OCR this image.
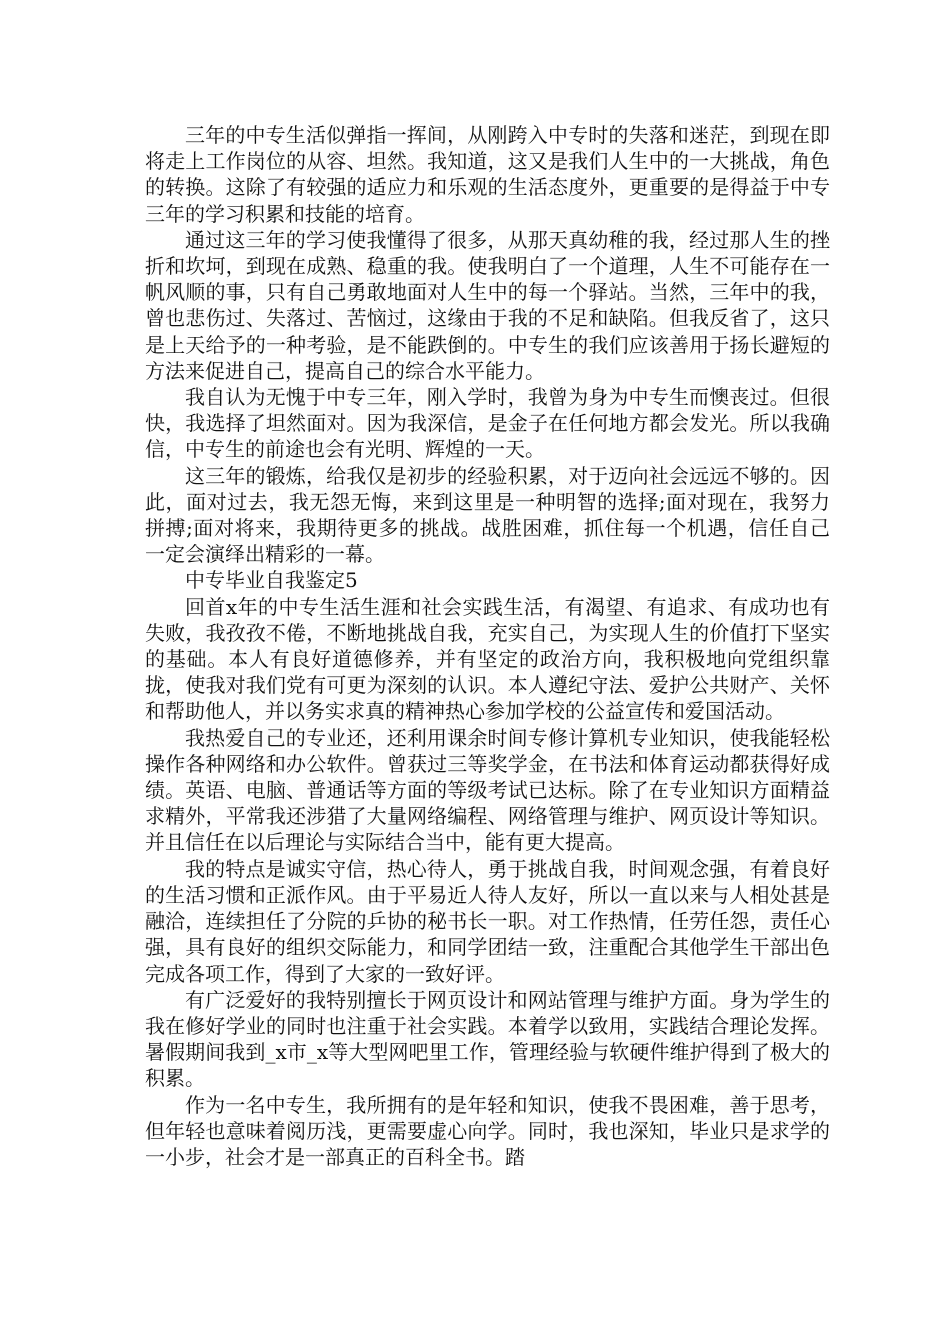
三年的中专生活似弹指一挥间，从刚跨入中专时的失落和迷茫，到现在即将走上工作岗位的从容、坦然。我知道，这又是我们人生中的一大挑战，角色的转换。这除了有较强的适应力和乐观的生活态度外，更重要的是得益于中专三年的学习积累和技能的培育。

通过这三年的学习使我懂得了很多，从那天真幼稚的我，经过那人生的挫折和坎坷，到现在成熟、稳重的我。使我明白了一个道理，人生不可能存在一帆风顺的事，只有自己勇敢地面对人生中的每一个驿站。当然，三年中的我，曾也悲伤过、失落过、苦恼过，这缘由于我的不足和缺陷。但我反省了，这只是上天给予的一种考验，是不能跌倒的。中专生的我们应该善用于扬长避短的方法来促进自己，提高自己的综合水平能力。

我自认为无愧于中专三年，刚入学时，我曾为身为中专生而懊丧过。但很快，我选择了坦然面对。因为我深信，是金子在任何地方都会发光。所以我确信，中专生的前途也会有光明、辉煌的一天。

这三年的锻炼，给我仅是初步的经验积累，对于迈向社会远远不够的。因此，面对过去，我无怨无悔，来到这里是一种明智的选择;面对现在，我努力拼搏;面对将来，我期待更多的挑战。战胜困难，抓住每一个机遇，信任自己一定会演绎出精彩的一幕。

中专毕业自我鉴定5

回首x年的中专生活生涯和社会实践生活，有渴望、有追求、有成功也有失败，我孜孜不倦，不断地挑战自我，充实自己，为实现人生的价值打下坚实的基础。本人有良好道德修养，并有坚定的政治方向，我积极地向党组织靠拢，使我对我们党有可更为深刻的认识。本人遵纪守法、爱护公共财产、关怀和帮助他人，并以务实求真的精神热心参加学校的公益宣传和爱国活动。

我热爱自己的专业还，还利用课余时间专修计算机专业知识，使我能轻松操作各种网络和办公软件。曾获过三等奖学金，在书法和体育运动都获得好成绩。英语、电脑、普通话等方面的等级考试已达标。除了在专业知识方面精益求精外，平常我还涉猎了大量网络编程、网络管理与维护、网页设计等知识。并且信任在以后理论与实际结合当中，能有更大提高。

我的特点是诚实守信，热心待人，勇于挑战自我，时间观念强，有着良好的生活习惯和正派作风。由于平易近人待人友好，所以一直以来与人相处甚是融洽，连续担任了分院的乒协的秘书长一职。对工作热情，任劳任怨，责任心强，具有良好的组织交际能力，和同学团结一致，注重配合其他学生干部出色完成各项工作，得到了大家的一致好评。

有广泛爱好的我特别擅长于网页设计和网站管理与维护方面。身为学生的我在修好学业的同时也注重于社会实践。本着学以致用，实践结合理论发挥。暑假期间我到_x市_x等大型网吧里工作，管理经验与软硬件维护得到了极大的积累。

作为一名中专生，我所拥有的是年轻和知识，使我不畏困难，善于思考，但年轻也意味着阅历浅，更需要虚心向学。同时，我也深知，毕业只是求学的一小步，社会才是一部真正的百科全书。踏
